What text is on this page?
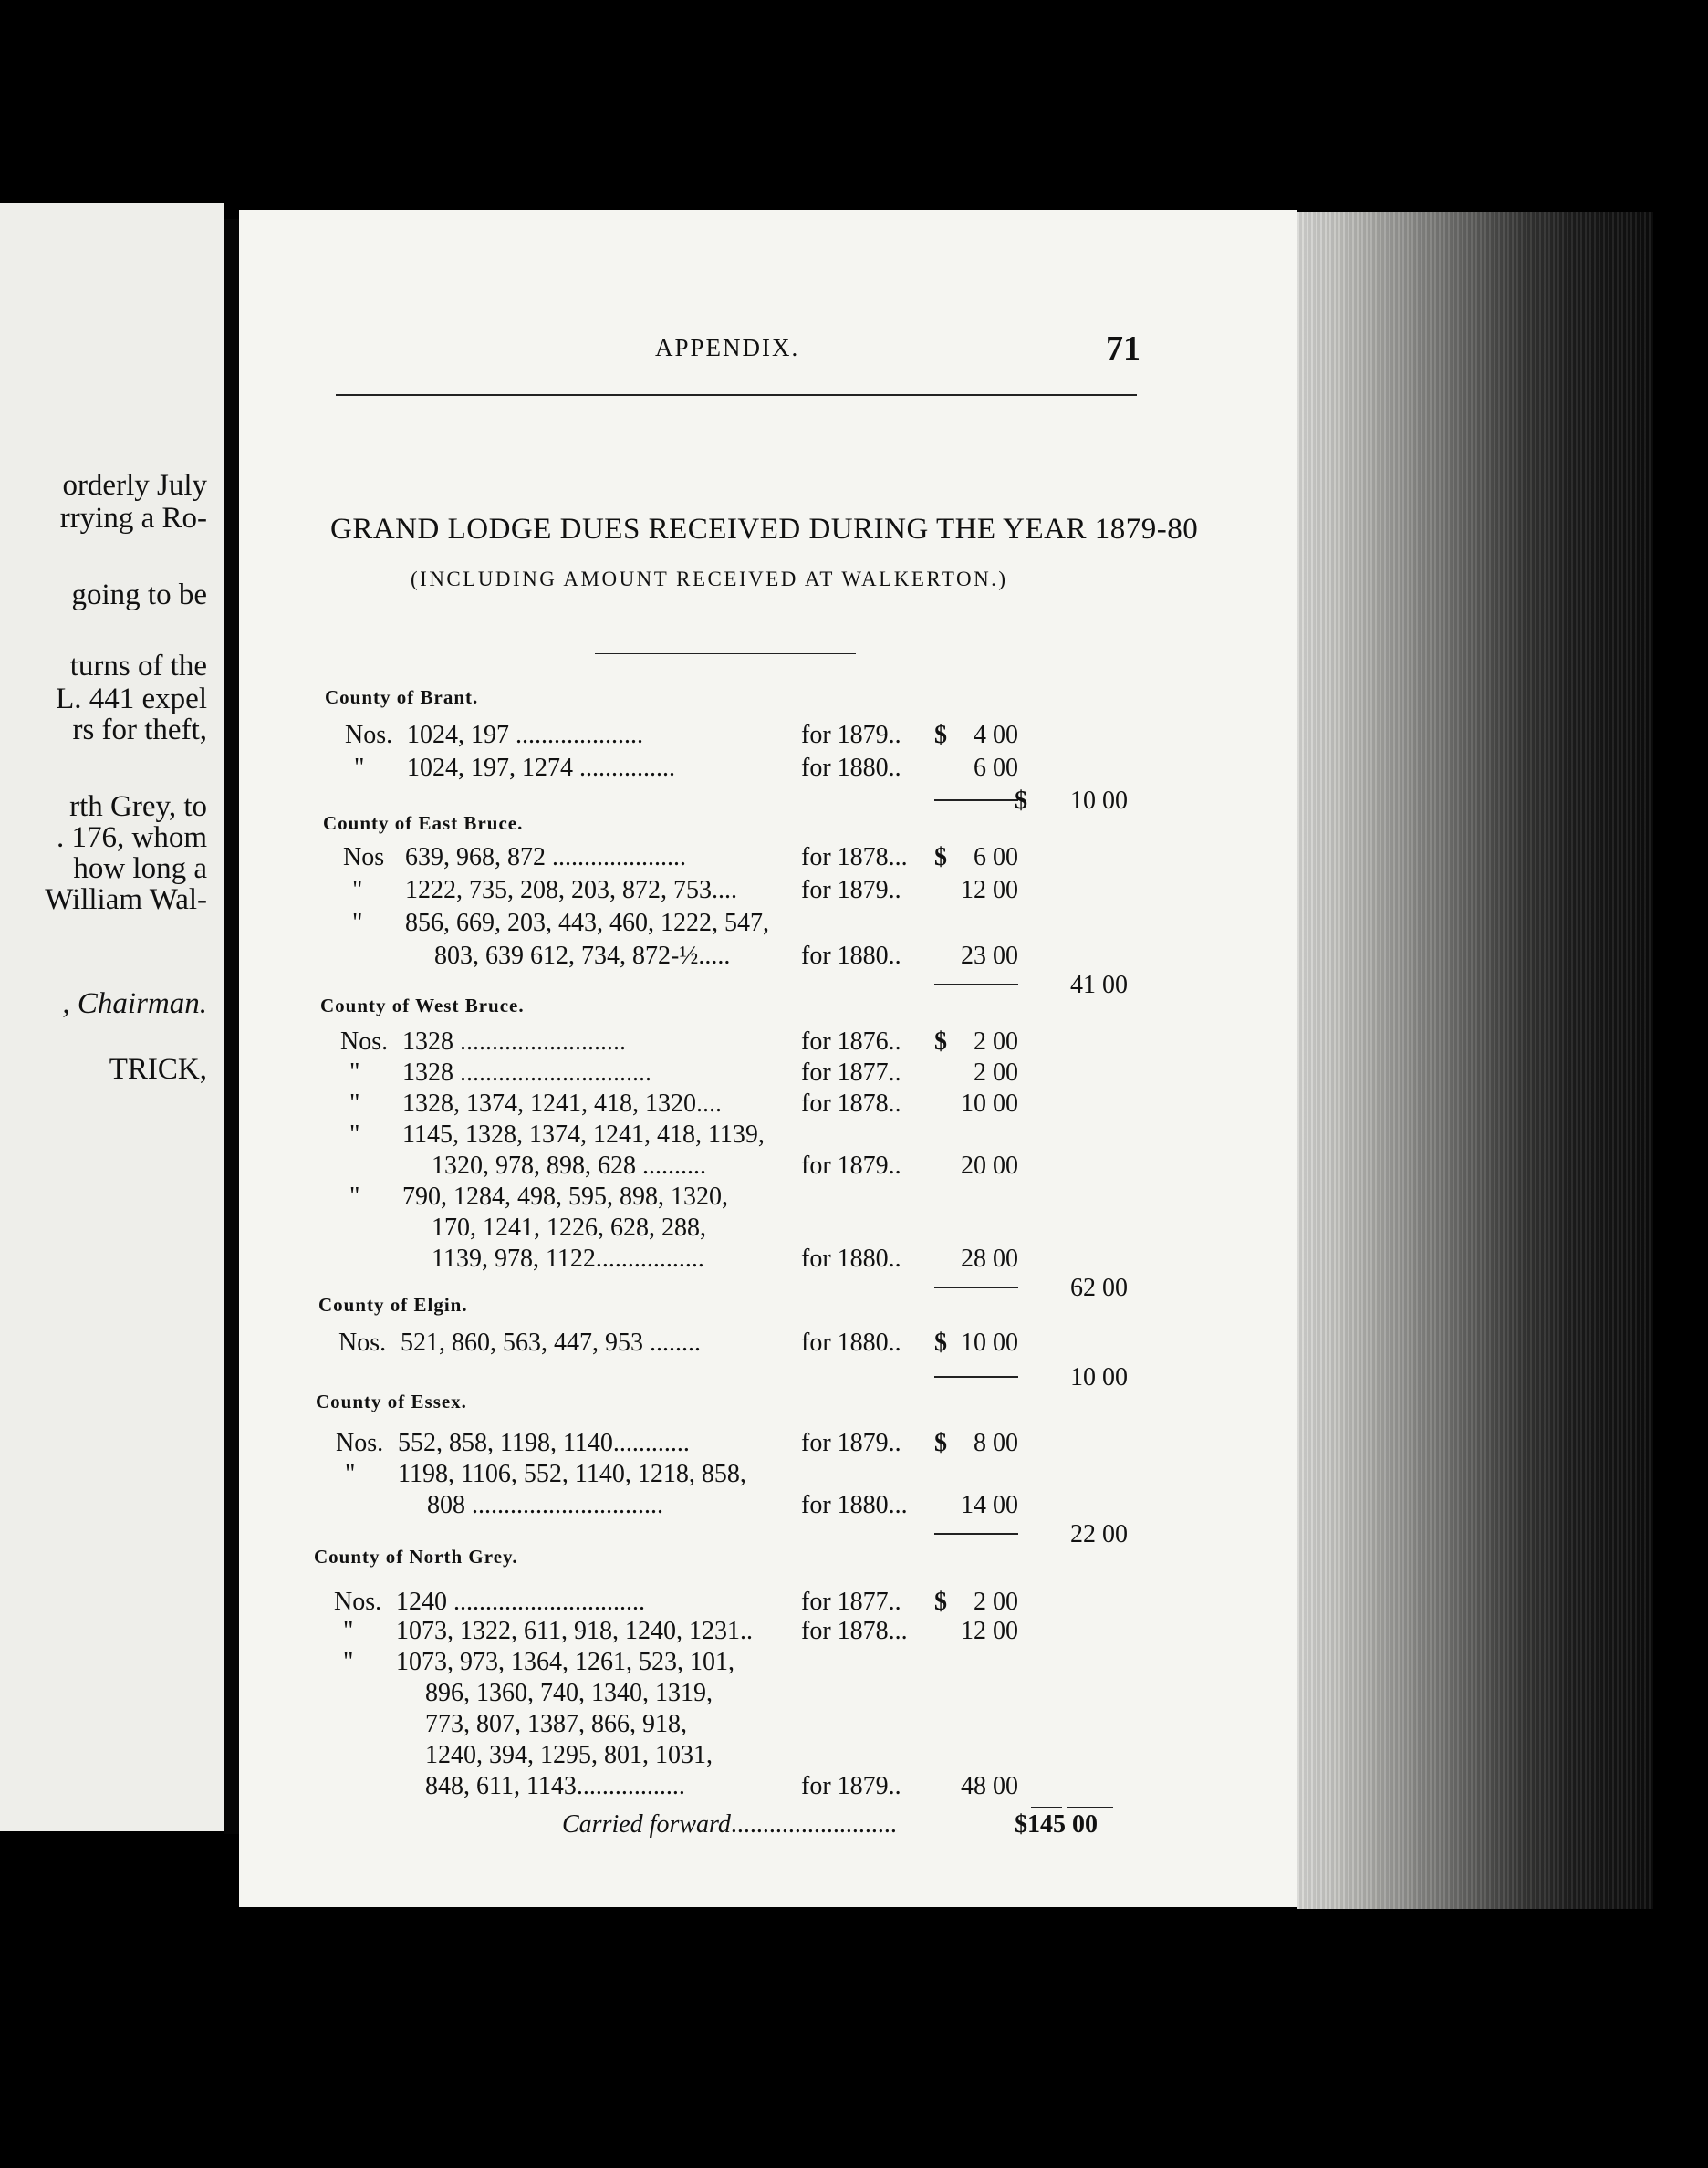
orderly July
rrying a Ro-
going to be
turns of the
L. 441 expel
rs for theft,
rth Grey, to
. 176, whom
how long a
William Wal-
, Chairman.
TRICK,
APPENDIX.	71
GRAND LODGE DUES RECEIVED DURING THE YEAR 1879-80
(INCLUDING AMOUNT RECEIVED AT WALKERTON.)
County of Brant.
Nos. 1024, 197 ....................	for 1879.. $	4 00
" 1024, 197, 1274 ...............	for 1880..	6 00
$	10 00
County of East Bruce.
Nos 639, 968, 872 .....................	for 1878... $	6 00
" 1222, 735, 208, 203, 872, 753....	for 1879..	12 00
" 856, 669, 203, 443, 460, 1222, 547,
803, 639 612, 734, 872-½.....	for 1880..	23 00
41 00
County of West Bruce.
Nos. 1328 ..........................	for 1876.. $	2 00
" 1328 ..............................	for 1877..	2 00
" 1328, 1374, 1241, 418, 1320....	for 1878..	10 00
" 1145, 1328, 1374, 1241, 418, 1139,
1320, 978, 898, 628 ..........	for 1879..	20 00
" 790, 1284, 498, 595, 898, 1320,
170, 1241, 1226, 628, 288,
1139, 978, 1122.................	for 1880..	28 00
62 00
County of Elgin.
Nos. 521, 860, 563, 447, 953 ........	for 1880.. $ 10 00
10 00
County of Essex.
Nos. 552, 858, 1198, 1140............	for 1879.. $	8 00
" 1198, 1106, 552, 1140, 1218, 858,
808 ..............................	for 1880...	14 00
22 00
County of North Grey.
Nos. 1240 ..............................	for 1877.. $	2 00
" 1073, 1322, 611, 918, 1240, 1231.. for 1878...	12 00
" 1073, 973, 1364, 1261, 523, 101,
896, 1360, 740, 1340, 1319,
773, 807, 1387, 866, 918,
1240, 394, 1295, 801, 1031,
848, 611, 1143.................	for 1879..	48 00
Carried forward..........................	$145 00
